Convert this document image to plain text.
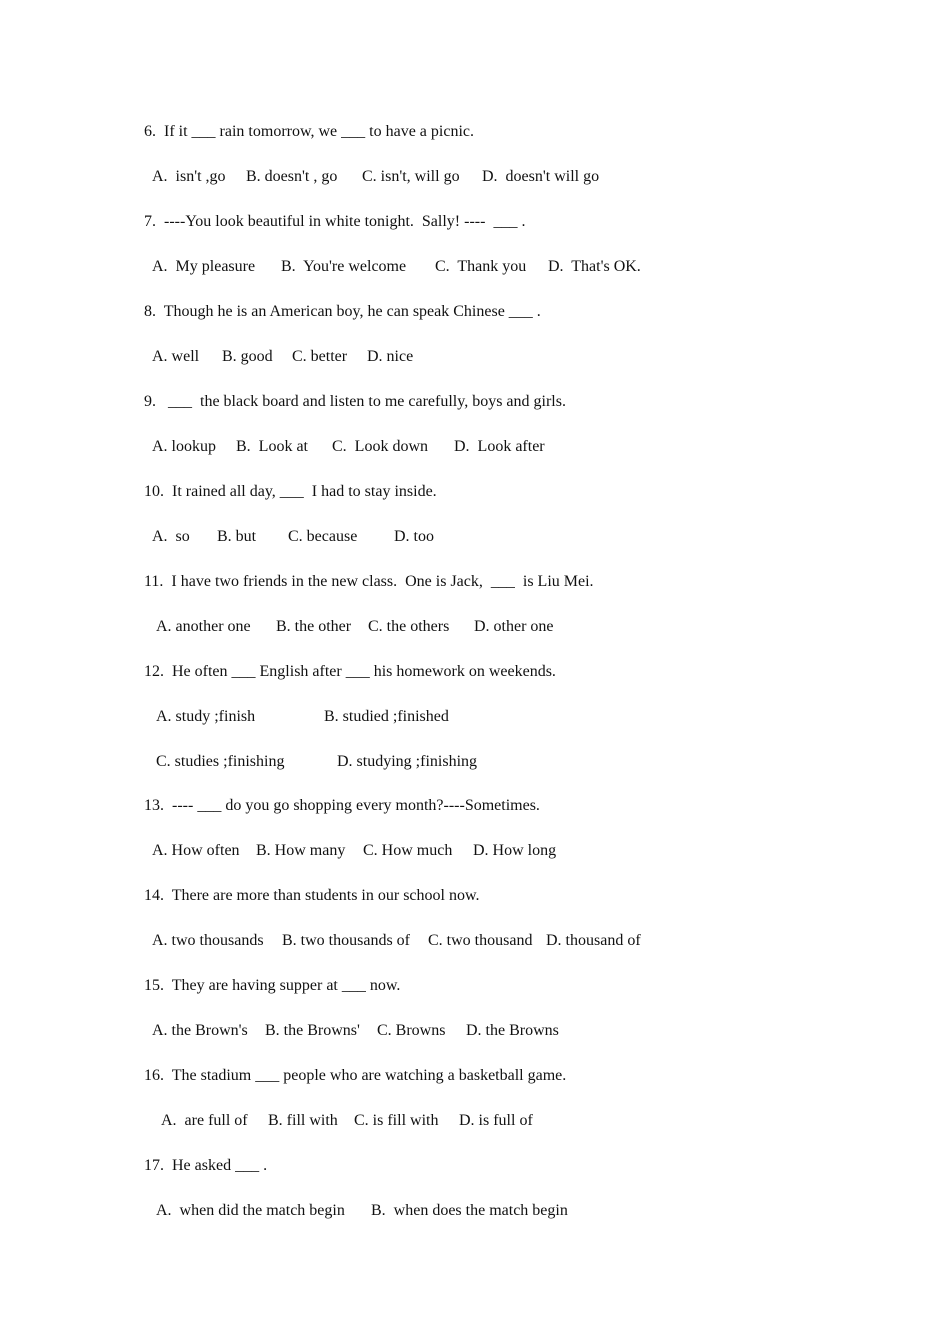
6.  If it ___ rain tomorrow, we ___ to have a picnic.
A.  isn't ,go B. doesn't , go C. isn't, will go D.  doesn't will go
7.  ----You look beautiful in white tonight.  Sally! ----  ___ .
A.  My pleasure B.  You're welcome C.  Thank you D.  That's OK.
8.  Though he is an American boy, he can speak Chinese ___ .
A. well B. good C. better D. nice
9.   ___  the black board and listen to me carefully, boys and girls.
A. lookup B.  Look at C.  Look down D.  Look after
10.  It rained all day, ___  I had to stay inside.
A.  so B. but C. because D. too
11.  I have two friends in the new class.  One is Jack,  ___  is Liu Mei.
A. another one B. the other C. the others D. other one
12.  He often ___ English after ___ his homework on weekends.
A. study ;finish	B. studied ;finished
C. studies ;finishing	D. studying ;finishing
13.  ---- ___ do you go shopping every month?----Sometimes.
A. How often B. How many C. How much D. How long
14.  There are more than students in our school now.
A. two thousands B. two thousands of C. two thousand D. thousand of
15.  They are having supper at ___ now.
A. the Brown's B. the Browns' C. Browns D. the Browns
16.  The stadium ___ people who are watching a basketball game.
A.  are full of B. fill with C. is fill with D. is full of
17.  He asked ___ .
A.  when did the match begin B.  when does the match begin
